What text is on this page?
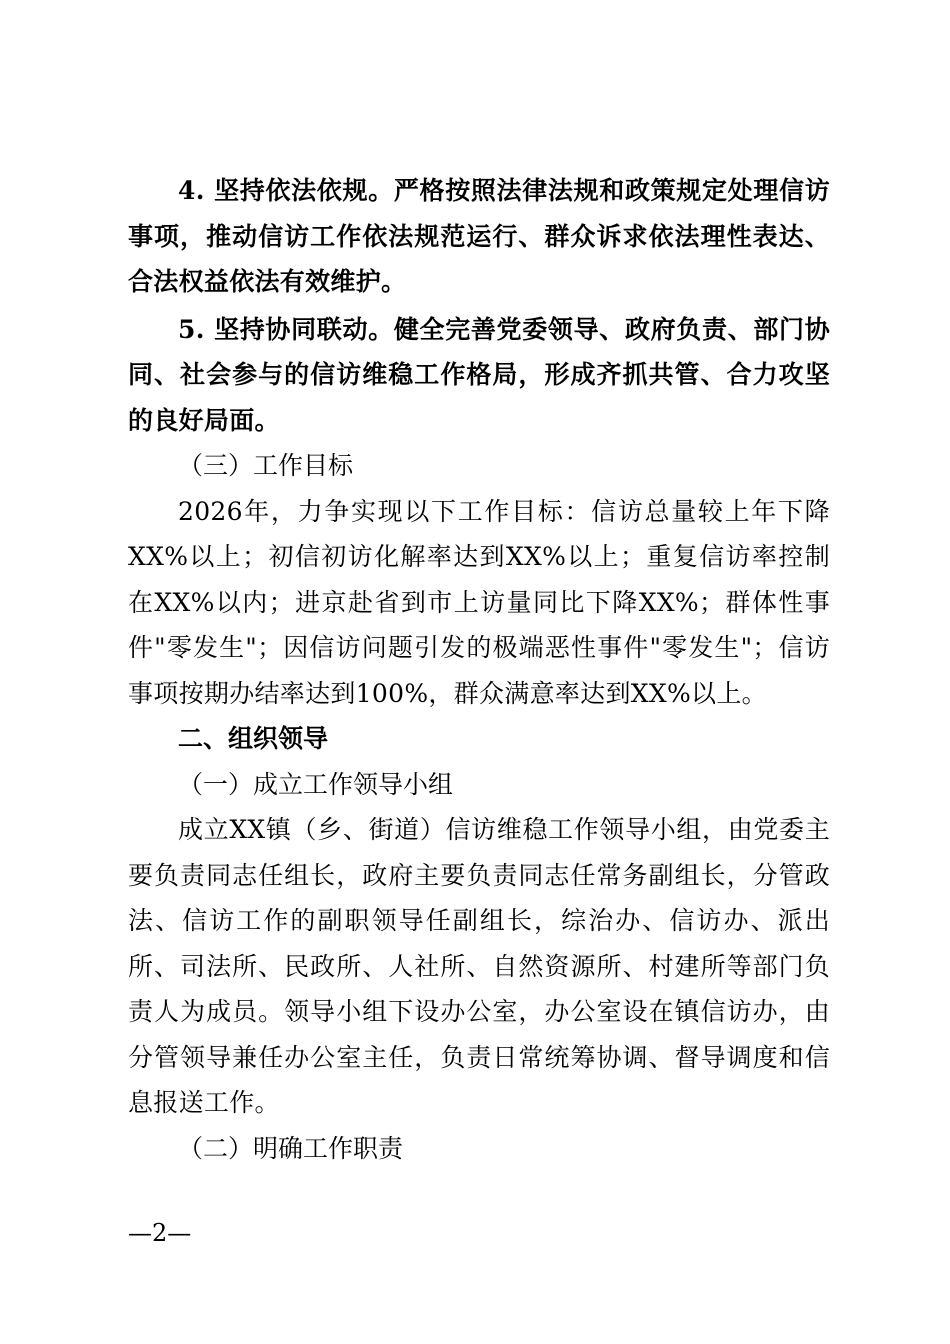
4. 坚持依法依规。严格按照法律法规和政策规定处理信访事项，推动信访工作依法规范运行、群众诉求依法理性表达、合法权益依法有效维护。

5. 坚持协同联动。健全完善党委领导、政府负责、部门协同、社会参与的信访维稳工作格局，形成齐抓共管、合力攻坚的良好局面。

（三）工作目标

2026年，力争实现以下工作目标：信访总量较上年下降XX%以上；初信初访化解率达到XX%以上；重复信访率控制在XX%以内；进京赴省到市上访量同比下降XX%；群体性事件"零发生"；因信访问题引发的极端恶性事件"零发生"；信访事项按期办结率达到100%，群众满意率达到XX%以上。

二、组织领导

（一）成立工作领导小组

成立XX镇（乡、街道）信访维稳工作领导小组，由党委主要负责同志任组长，政府主要负责同志任常务副组长，分管政法、信访工作的副职领导任副组长，综治办、信访办、派出所、司法所、民政所、人社所、自然资源所、村建所等部门负责人为成员。领导小组下设办公室，办公室设在镇信访办，由分管领导兼任办公室主任，负责日常统筹协调、督导调度和信息报送工作。

（二）明确工作职责

—2—
